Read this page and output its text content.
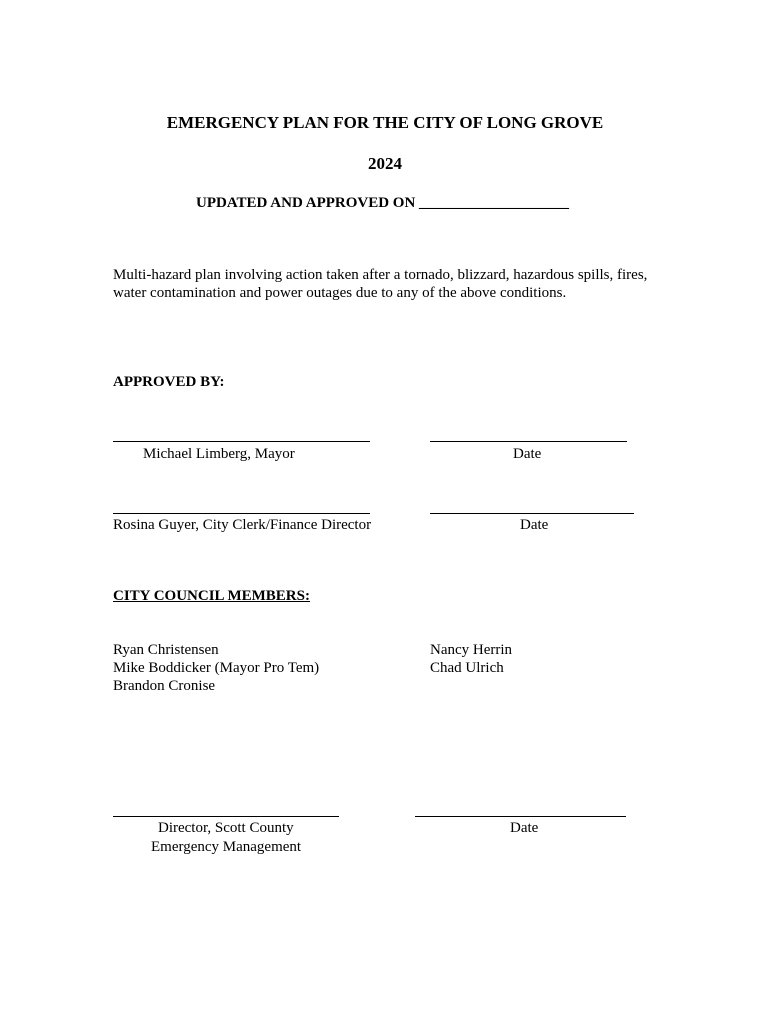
EMERGENCY PLAN FOR THE CITY OF LONG GROVE
2024
UPDATED AND APPROVED ON ____________________
Multi-hazard plan involving action taken after a tornado, blizzard, hazardous spills, fires,
water contamination and power outages due to any of the above conditions.
APPROVED BY:
Michael Limberg, Mayor	Date
Rosina Guyer, City Clerk/Finance Director	Date
CITY COUNCIL MEMBERS:
Ryan Christensen
Mike Boddicker (Mayor Pro Tem)
Brandon Cronise
Nancy Herrin
Chad Ulrich
Director, Scott County
Emergency Management
Date
